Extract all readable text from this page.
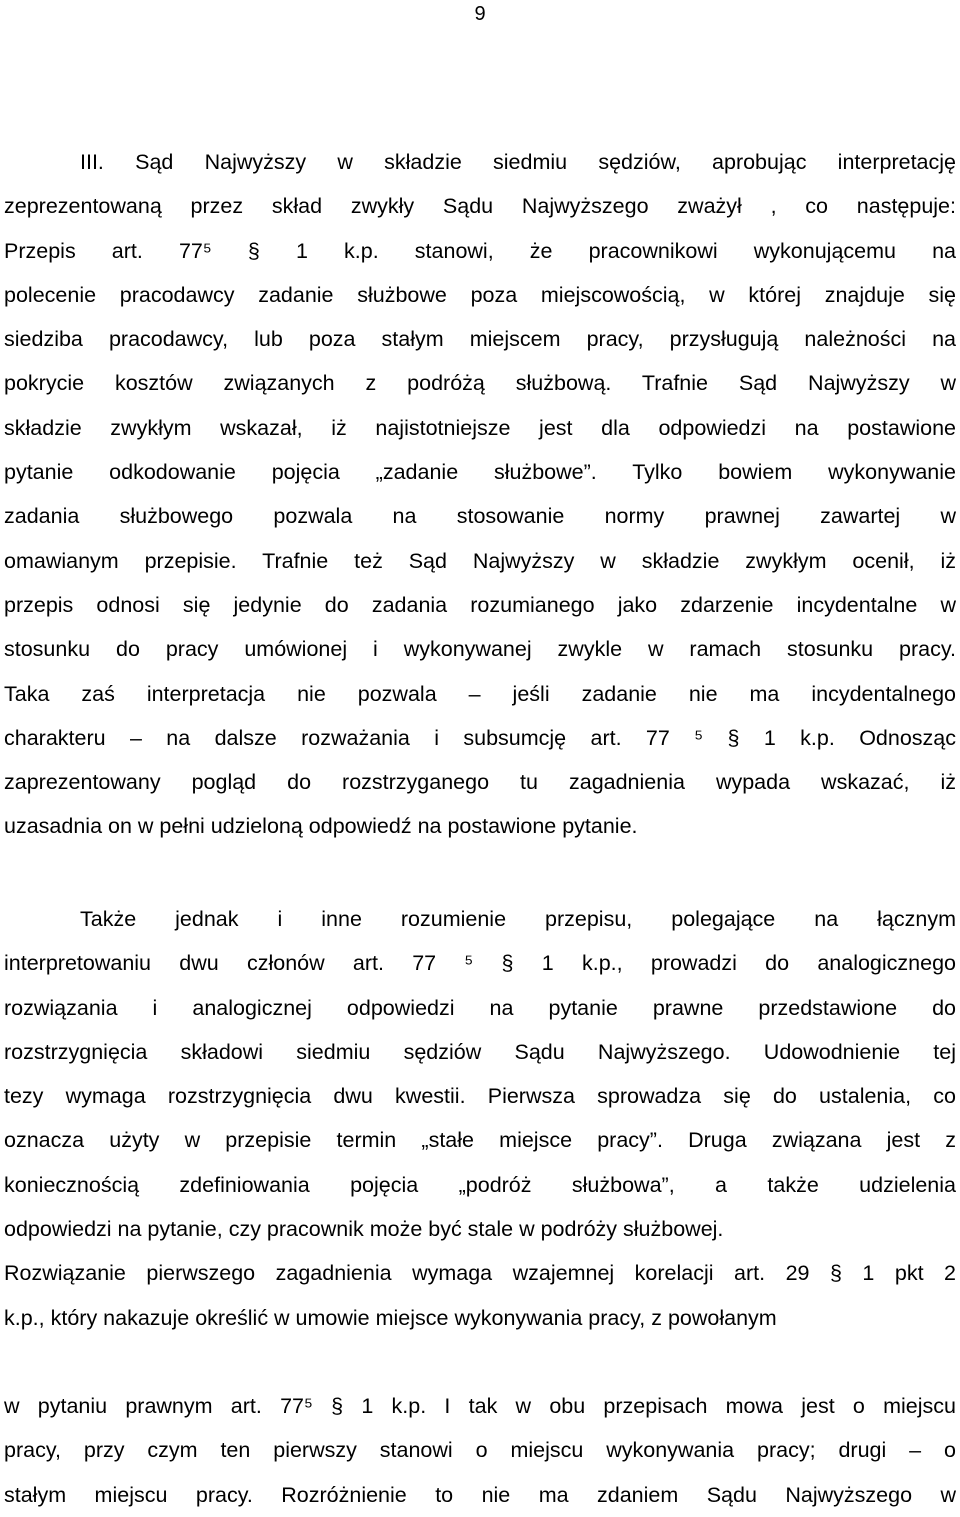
9
III. Sąd Najwyższy w składzie siedmiu sędziów, aprobując interpretację
zeprezentowaną przez skład zwykły Sądu Najwyższego zważył , co następuje:
Przepis art. 77⁵ § 1 k.p. stanowi, że pracownikowi wykonującemu na
polecenie pracodawcy zadanie służbowe poza miejscowością, w której znajduje się
siedziba pracodawcy, lub poza stałym miejscem pracy, przysługują należności na
pokrycie kosztów związanych z podróżą służbową. Trafnie Sąd Najwyższy w
składzie zwykłym wskazał, iż najistotniejsze jest dla odpowiedzi na postawione
pytanie odkodowanie pojęcia „zadanie służbowe”. Tylko bowiem wykonywanie
zadania służbowego pozwala na stosowanie normy prawnej zawartej w
omawianym przepisie. Trafnie też Sąd Najwyższy w składzie zwykłym ocenił, iż
przepis odnosi się jedynie do zadania rozumianego jako zdarzenie incydentalne w
stosunku do pracy umówionej i wykonywanej zwykle w ramach stosunku pracy.
Taka zaś interpretacja nie pozwala – jeśli zadanie nie ma incydentalnego
charakteru – na dalsze rozważania i subsumcję art. 77 ⁵ § 1 k.p. Odnosząc
zaprezentowany pogląd do rozstrzyganego tu zagadnienia wypada wskazać, iż
uzasadnia on w pełni udzieloną odpowiedź na postawione pytanie.
Także jednak i inne rozumienie przepisu, polegające na łącznym
interpretowaniu dwu członów art. 77 ⁵ § 1 k.p., prowadzi do analogicznego
rozwiązania i analogicznej odpowiedzi na pytanie prawne przedstawione do
rozstrzygnięcia składowi siedmiu sędziów Sądu Najwyższego. Udowodnienie tej
tezy wymaga rozstrzygnięcia dwu kwestii. Pierwsza sprowadza się do ustalenia, co
oznacza użyty w przepisie termin „stałe miejsce pracy”. Druga związana jest z
koniecznością zdefiniowania pojęcia „podróż służbowa”, a także udzielenia
odpowiedzi na pytanie, czy pracownik może być stale w podróży służbowej.
Rozwiązanie pierwszego zagadnienia wymaga wzajemnej korelacji art. 29 § 1 pkt 2
k.p., który nakazuje określić w umowie miejsce wykonywania pracy, z powołanym
w pytaniu prawnym art. 77⁵ § 1 k.p. I tak w obu przepisach mowa jest o miejscu
pracy, przy czym ten pierwszy stanowi o miejscu wykonywania pracy; drugi – o
stałym miejscu pracy. Rozróżnienie to nie ma zdaniem Sądu Najwyższego w
